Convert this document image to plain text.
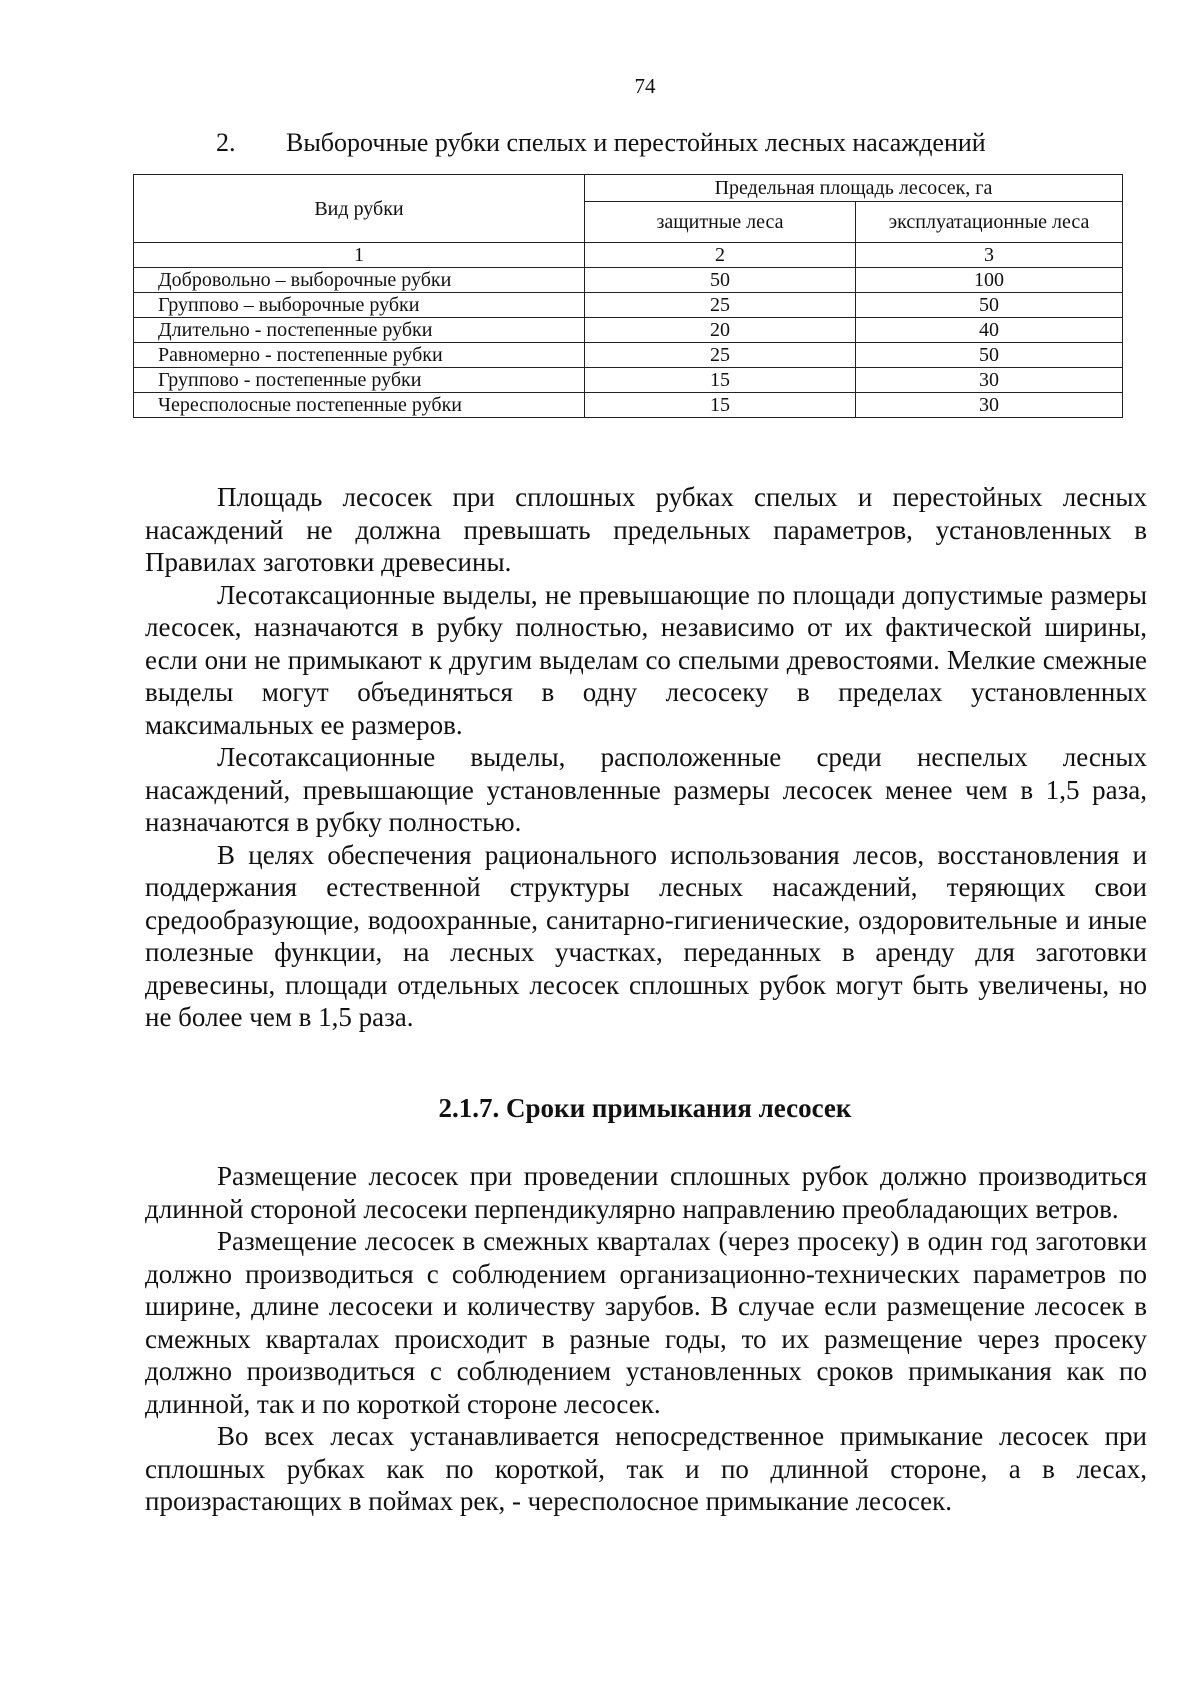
74
2. Выборочные рубки спелых и перестойных лесных насаждений
Вид рубки	Предельная площадь лесосек, га	
	защитные леса	эксплуатационные леса
1	2	3
Добровольно – выборочные рубки	50	100
Группово – выборочные рубки	25	50
Длительно - постепенные рубки	20	40
Равномерно - постепенные рубки	25	50
Группово - постепенные рубки	15	30
Чересполосные постепенные рубки	15	30

Площадь лесосек при сплошных рубках спелых и перестойных лесных насаждений не должна превышать предельных параметров, установленных в Правилах заготовки древесины.

Лесотаксационные выделы, не превышающие по площади допустимые размеры лесосек, назначаются в рубку полностью, независимо от их фактической ширины, если они не примыкают к другим выделам со спелыми древостоями. Мелкие смежные выделы могут объединяться в одну лесосеку в пределах установленных максимальных ее размеров.

Лесотаксационные выделы, расположенные среди неспелых лесных насаждений, превышающие установленные размеры лесосек менее чем в 1,5 раза, назначаются в рубку полностью.

В целях обеспечения рационального использования лесов, восстановления и поддержания естественной структуры лесных насаждений, теряющих свои средообразующие, водоохранные, санитарно-гигиенические, оздоровительные и иные полезные функции, на лесных участках, переданных в аренду для заготовки древесины, площади отдельных лесосек сплошных рубок могут быть увеличены, но не более чем в 1,5 раза.

2.1.7. Сроки примыкания лесосек

Размещение лесосек при проведении сплошных рубок должно производиться длинной стороной лесосеки перпендикулярно направлению преобладающих ветров.

Размещение лесосек в смежных кварталах (через просеку) в один год заготовки должно производиться с соблюдением организационно-технических параметров по ширине, длине лесосеки и количеству зарубов. В случае если размещение лесосек в смежных кварталах происходит в разные годы, то их размещение через просеку должно производиться с соблюдением установленных сроков примыкания как по длинной, так и по короткой стороне лесосек.

Во всех лесах устанавливается непосредственное примыкание лесосек при сплошных рубках как по короткой, так и по длинной стороне, а в лесах, произрастающих в поймах рек, - чересполосное примыкание лесосек.
